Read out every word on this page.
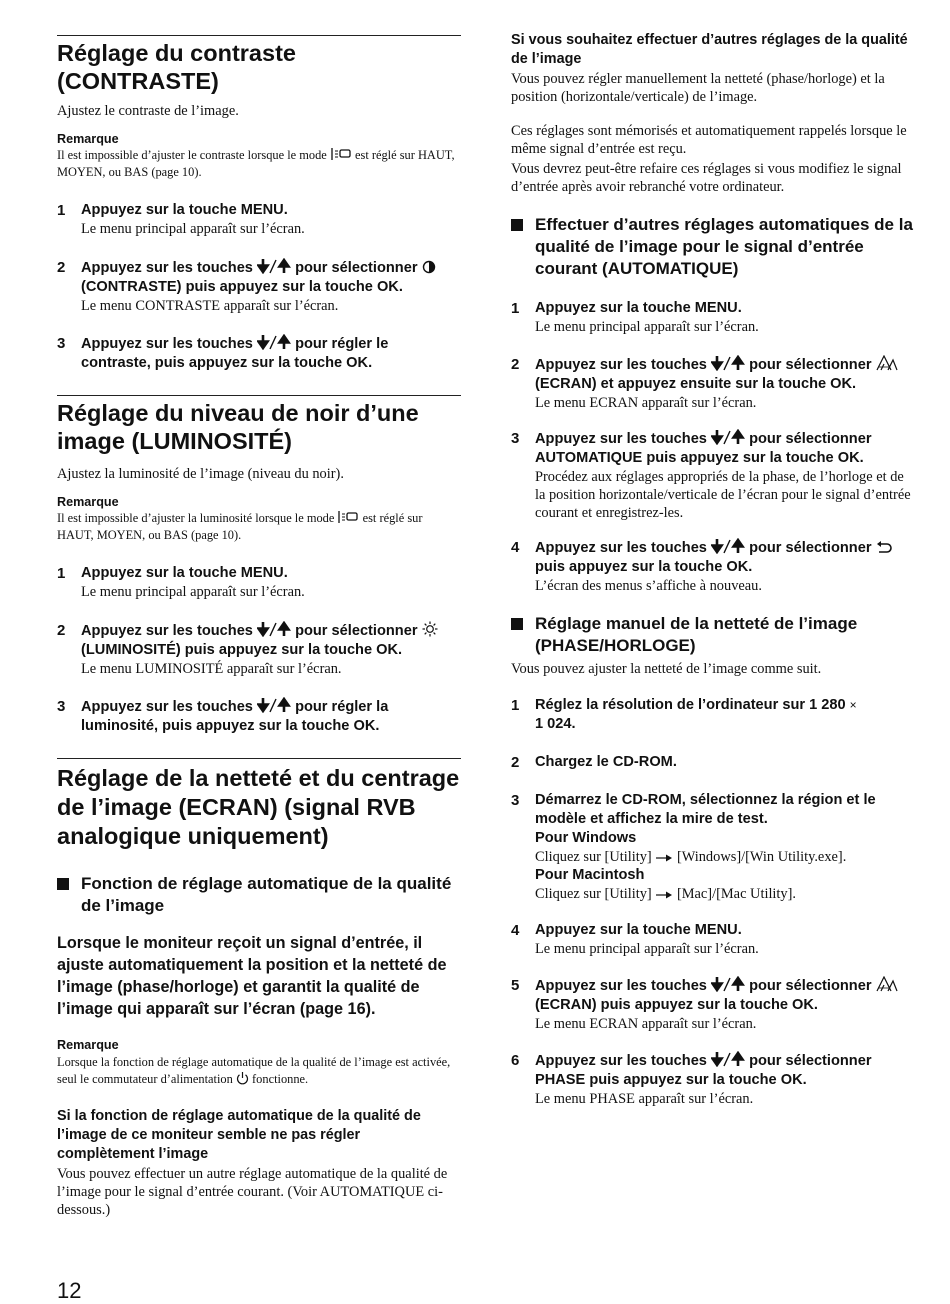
Réglage du contraste (CONTRASTE)

Ajustez le contraste de l’image.

Remarque

Il est impossible d’ajuster le contraste lorsque le mode est réglé sur HAUT, MOYEN, ou BAS (page 10).

1 Appuyez sur la touche MENU.

Le menu principal apparaît sur l’écran.

2 Appuyez sur les touches	pour sélectionner  (CONTRASTE) puis appuyez sur la touche OK.

Le menu CONTRASTE apparaît sur l’écran.

3 Appuyez sur les touches	pour régler le contraste, puis appuyez sur la touche OK.

Réglage du niveau de noir d’une image (LUMINOSITÉ)

Ajustez la luminosité de l’image (niveau du noir).

Remarque

Il est impossible d’ajuster la luminosité lorsque le mode est réglé sur HAUT, MOYEN, ou BAS (page 10).

1 Appuyez sur la touche MENU.

Le menu principal apparaît sur l’écran.

2 Appuyez sur les touches	pour sélectionner  (LUMINOSITÉ) puis appuyez sur la touche OK.

Le menu LUMINOSITÉ apparaît sur l’écran.

3 Appuyez sur les touches	pour régler la luminosité, puis appuyez sur la touche OK.

Réglage de la netteté et du centrage de l’image (ECRAN) (signal RVB analogique uniquement)
Fonction de réglage automatique de la qualité de l’image

Lorsque le moniteur reçoit un signal d’entrée, il ajuste automatiquement la position et la netteté de l’image (phase/horloge) et garantit la qualité de l’image qui apparaît sur l’écran (page 16).

Remarque

Lorsque la fonction de réglage automatique de la qualité de l’image est activée, seul le commutateur d’alimentation fonctionne.

Si la fonction de réglage automatique de la qualité de l’image de ce moniteur semble ne pas régler complètement l’image

Vous pouvez effectuer un autre réglage automatique de la qualité de l’image pour le signal d’entrée courant. (Voir AUTOMATIQUE ci-dessous.)

Si vous souhaitez effectuer d’autres réglages de la qualité de l’image

Vous pouvez régler manuellement la netteté (phase/horloge) et la position (horizontale/verticale) de l’image.

Ces réglages sont mémorisés et automatiquement rappelés lorsque le même signal d’entrée est reçu.

Vous devrez peut-être refaire ces réglages si vous modifiez le signal d’entrée après avoir rebranché votre ordinateur.

Effectuer d’autres réglages automatiques de la qualité de l’image pour le signal d’entrée courant (AUTOMATIQUE)
1 Appuyez sur la touche MENU.

Le menu principal apparaît sur l’écran.

2 Appuyez sur les touches	pour sélectionner  (ECRAN) et appuyez ensuite sur la touche OK.

Le menu ECRAN apparaît sur l’écran.

3 Appuyez sur les touches	pour sélectionner AUTOMATIQUE puis appuyez sur la touche OK.

Procédez aux réglages appropriés de la phase, de l’horloge et de la position horizontale/verticale de l’écran pour le signal d’entrée courant et enregistrez-les.

4 Appuyez sur les touches	pour sélectionner  puis appuyez sur la touche OK.

L’écran des menus s’affiche à nouveau.

Réglage manuel de la netteté de l’image (PHASE/HORLOGE)

Vous pouvez ajuster la netteté de l’image comme suit.

1 Réglez la résolution de l’ordinateur sur 1 280 ×
1 024.

2 Chargez le CD-ROM.

3 Démarrez le CD-ROM, sélectionnez la région et le modèle et affichez la mire de test.

Pour Windows

Cliquez sur [Utility] [Windows]/[Win Utility.exe].

Pour Macintosh

Cliquez sur [Utility] [Mac]/[Mac Utility].

4 Appuyez sur la touche MENU.

Le menu principal apparaît sur l’écran.

5 Appuyez sur les touches	pour sélectionner  (ECRAN) puis appuyez sur la touche OK.

Le menu ECRAN apparaît sur l’écran.

6 Appuyez sur les touches	pour sélectionner PHASE puis appuyez sur la touche OK.

Le menu PHASE apparaît sur l’écran.

12
